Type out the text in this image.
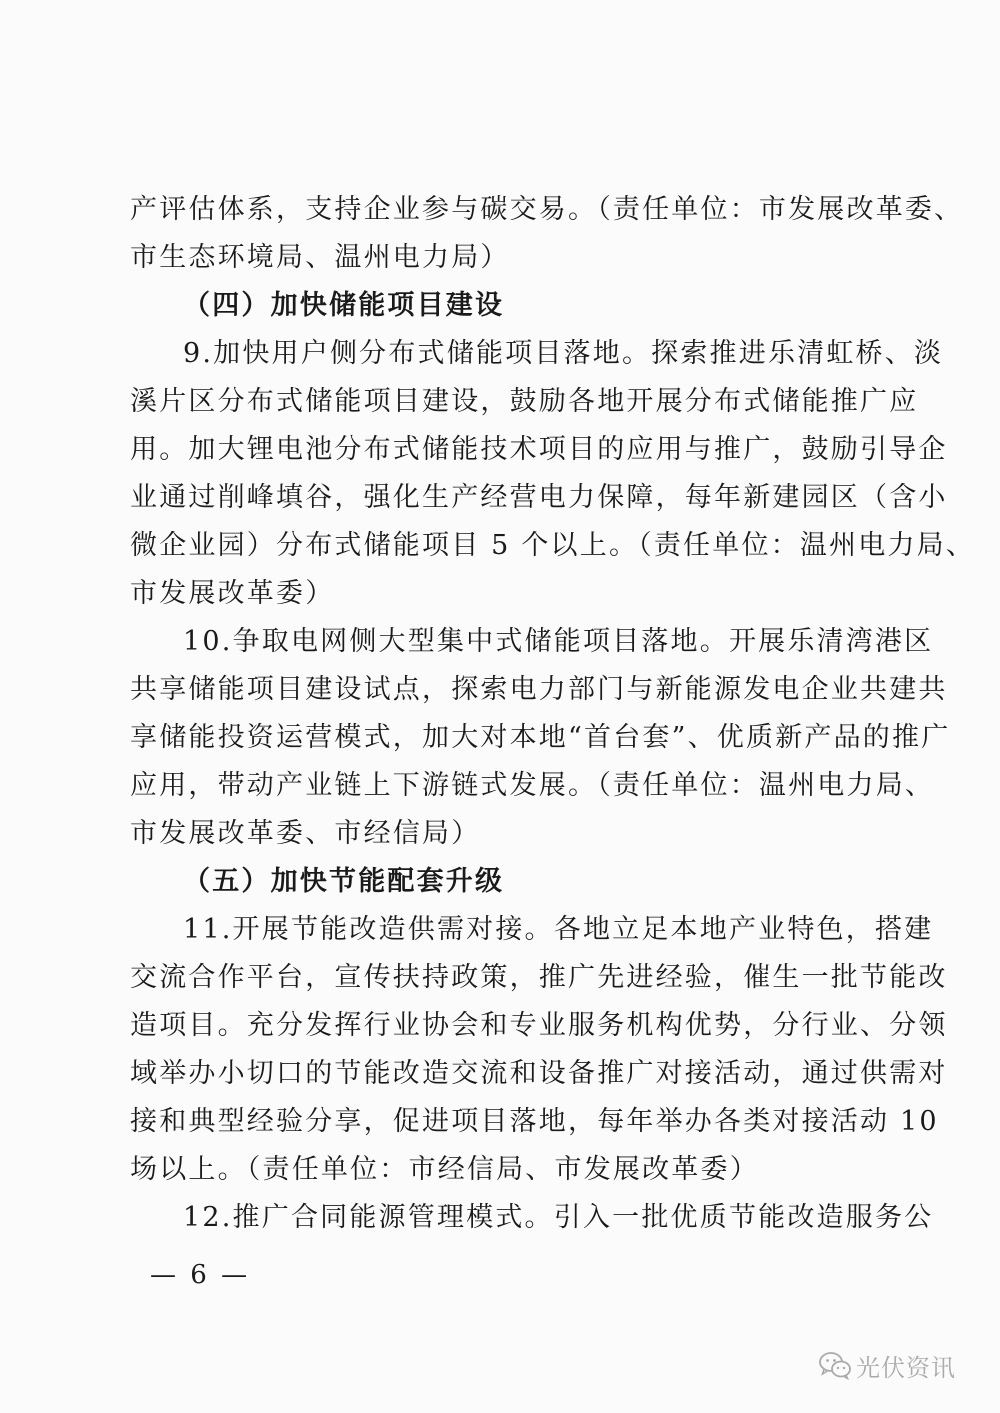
产评估体系，支持企业参与碳交易。（责任单位：市发展改革委、
市生态环境局、温州电力局）
（四）加快储能项目建设
9.加快用户侧分布式储能项目落地。探索推进乐清虹桥、淡
溪片区分布式储能项目建设，鼓励各地开展分布式储能推广应
用。加大锂电池分布式储能技术项目的应用与推广，鼓励引导企
业通过削峰填谷，强化生产经营电力保障，每年新建园区（含小
微企业园）分布式储能项目 5 个以上。（责任单位：温州电力局、
市发展改革委）
10.争取电网侧大型集中式储能项目落地。开展乐清湾港区
共享储能项目建设试点，探索电力部门与新能源发电企业共建共
享储能投资运营模式，加大对本地“首台套”、优质新产品的推广
应用，带动产业链上下游链式发展。（责任单位：温州电力局、
市发展改革委、市经信局）
（五）加快节能配套升级
11.开展节能改造供需对接。各地立足本地产业特色，搭建
交流合作平台，宣传扶持政策，推广先进经验，催生一批节能改
造项目。充分发挥行业协会和专业服务机构优势，分行业、分领
域举办小切口的节能改造交流和设备推广对接活动，通过供需对
接和典型经验分享，促进项目落地，每年举办各类对接活动 10
场以上。（责任单位：市经信局、市发展改革委）
12.推广合同能源管理模式。引入一批优质节能改造服务公
— 6 —
光伏资讯
